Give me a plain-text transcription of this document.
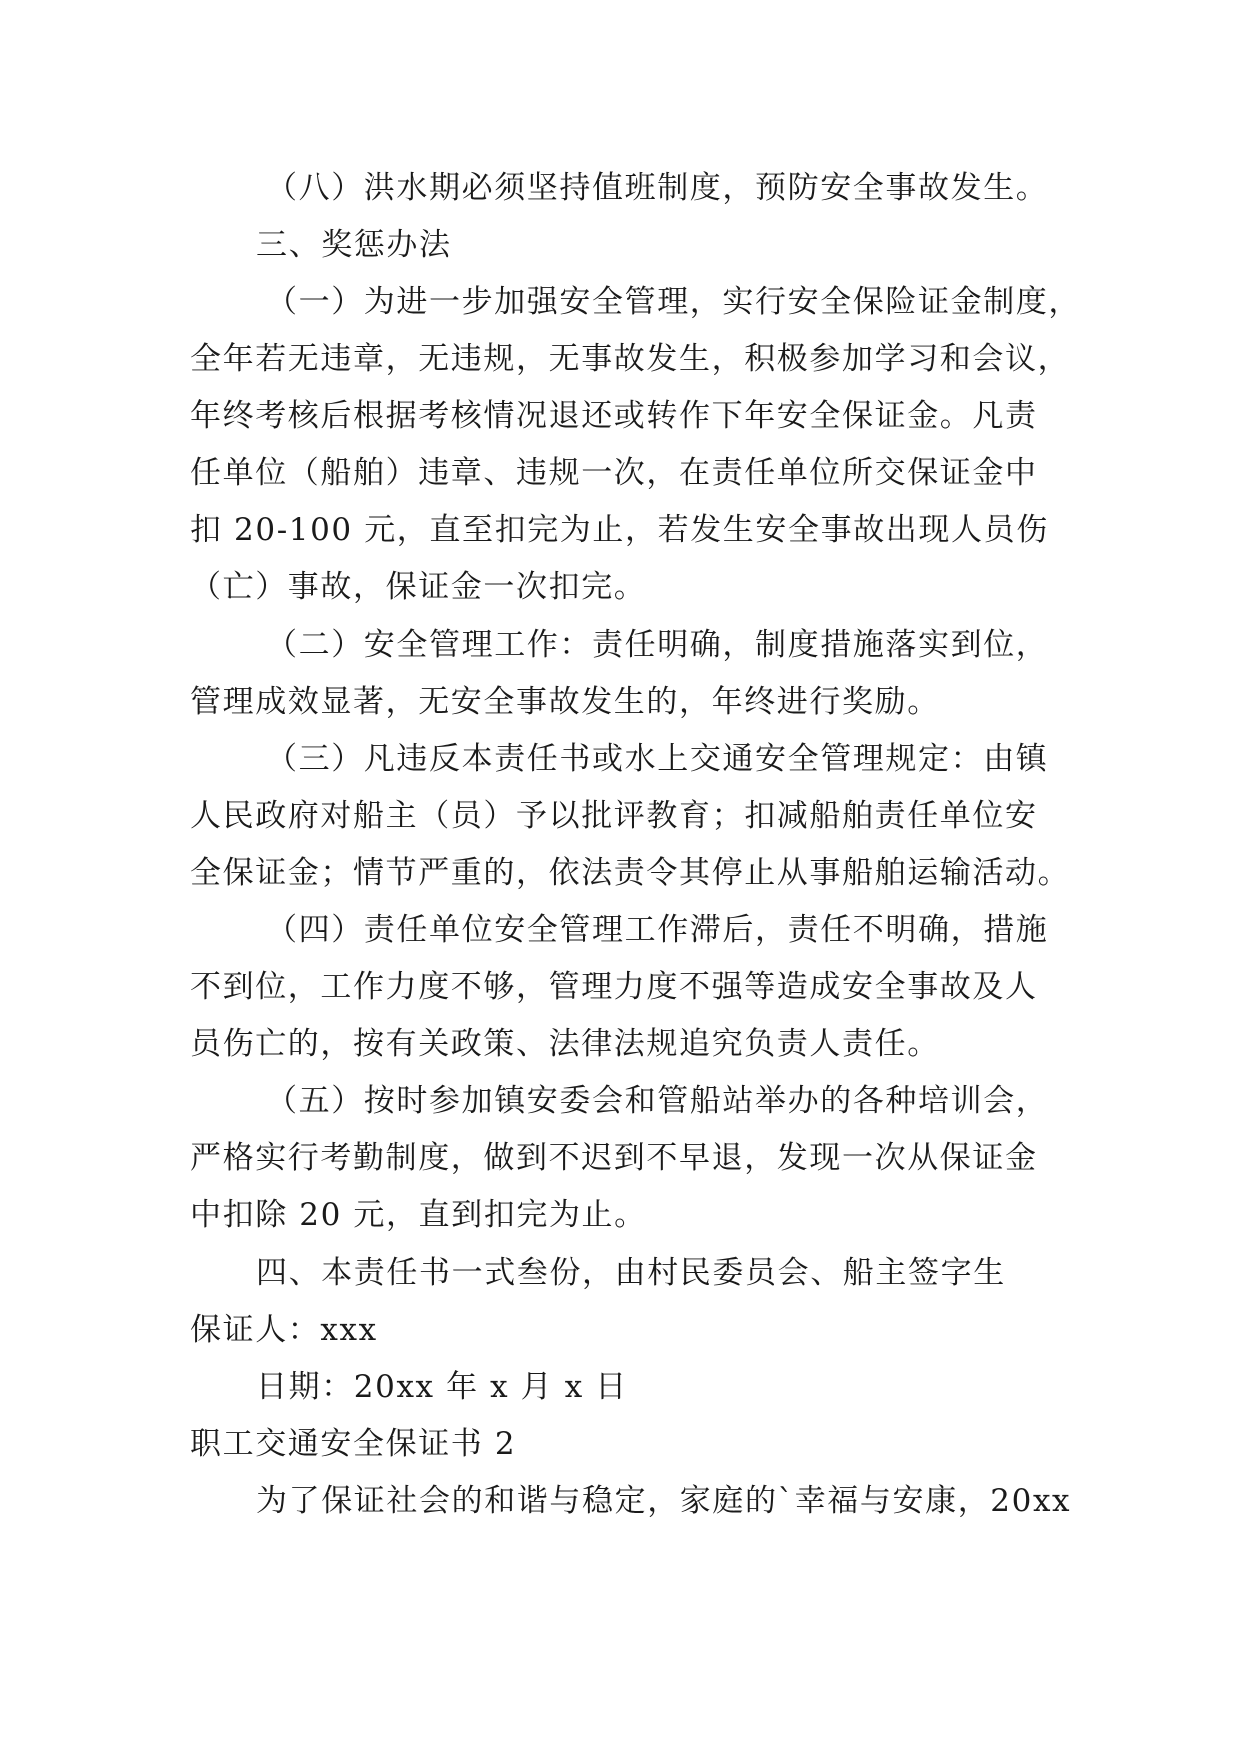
（八）洪水期必须坚持值班制度，预防安全事故发生。
三、奖惩办法
（一）为进一步加强安全管理，实行安全保险证金制度，
全年若无违章，无违规，无事故发生，积极参加学习和会议，
年终考核后根据考核情况退还或转作下年安全保证金。凡责
任单位（船舶）违章、违规一次，在责任单位所交保证金中
扣 20-100 元，直至扣完为止，若发生安全事故出现人员伤
（亡）事故，保证金一次扣完。
（二）安全管理工作：责任明确，制度措施落实到位，
管理成效显著，无安全事故发生的，年终进行奖励。
（三）凡违反本责任书或水上交通安全管理规定：由镇
人民政府对船主（员）予以批评教育；扣减船舶责任单位安
全保证金；情节严重的，依法责令其停止从事船舶运输活动。
（四）责任单位安全管理工作滞后，责任不明确，措施
不到位，工作力度不够，管理力度不强等造成安全事故及人
员伤亡的，按有关政策、法律法规追究负责人责任。
（五）按时参加镇安委会和管船站举办的各种培训会，
严格实行考勤制度，做到不迟到不早退，发现一次从保证金
中扣除 20 元，直到扣完为止。
四、本责任书一式叁份，由村民委员会、船主签字生
保证人：xxx
日期：20xx 年 x 月 x 日
职工交通安全保证书 2
为了保证社会的和谐与稳定，家庭的`幸福与安康，20xx
